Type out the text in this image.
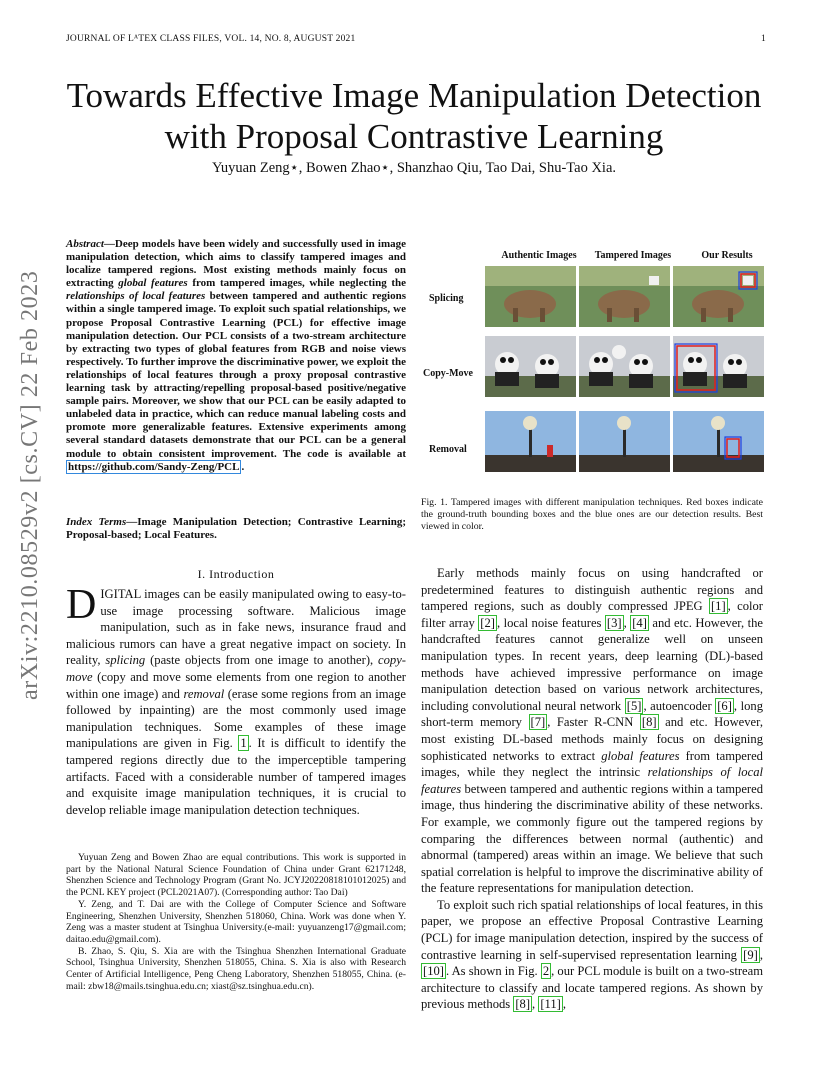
JOURNAL OF LᴬTEX CLASS FILES, VOL. 14, NO. 8, AUGUST 2021	1
Towards Effective Image Manipulation Detection
with Proposal Contrastive Learning
Yuyuan Zeng⋆, Bowen Zhao⋆, Shanzhao Qiu, Tao Dai, Shu-Tao Xia.
arXiv:2210.08529v2 [cs.CV] 22 Feb 2023
Abstract—Deep models have been widely and successfully used in image manipulation detection, which aims to classify tampered images and localize tampered regions. Most existing methods mainly focus on extracting global features from tampered images, while neglecting the relationships of local features between tampered and authentic regions within a single tampered image. To exploit such spatial relationships, we propose Proposal Contrastive Learning (PCL) for effective image manipulation detection. Our PCL consists of a two-stream architecture by extracting two types of global features from RGB and noise views respectively. To further improve the discriminative power, we exploit the relationships of local features through a proxy proposal contrastive learning task by attracting/repelling proposal-based positive/negative sample pairs. Moreover, we show that our PCL can be easily adapted to unlabeled data in practice, which can reduce manual labeling costs and promote more generalizable features. Extensive experiments among several standard datasets demonstrate that our PCL can be a general module to obtain consistent improvement. The code is available at https://github.com/Sandy-Zeng/PCL .
Index Terms—Image Manipulation Detection; Contrastive Learning; Proposal-based; Local Features.
I. Introduction
DIGITAL images can be easily manipulated owing to easy-to-use image processing software. Malicious image manipulation, such as in fake news, insurance fraud and malicious rumors can have a great negative impact on society. In reality, splicing (paste objects from one image to another), copy-move (copy and move some elements from one region to another within one image) and removal (erase some regions from an image followed by inpainting) are the most commonly used image manipulation techniques. Some examples of these image manipulations are given in Fig. 1 . It is difficult to identify the tampered regions directly due to the imperceptible tampering artifacts. Faced with a considerable number of tampered images and exquisite image manipulation techniques, it is crucial to develop reliable image manipulation detection techniques.

Yuyuan Zeng and Bowen Zhao are equal contributions. This work is supported in part by the National Natural Science Foundation of China under Grant 62171248, Shenzhen Science and Technology Program (Grant No. JCYJ20220818101012025) and the PCNL KEY project (PCL2021A07). (Corresponding author: Tao Dai)

Y. Zeng, and T. Dai are with the College of Computer Science and Software Engineering, Shenzhen University, Shenzhen 518060, China. Work was done when Y. Zeng was a master student at Tsinghua University.(e-mail: yuyuanzeng17@gmail.com; daitao.edu@gmail.com).

B. Zhao, S. Qiu, S. Xia are with the Tsinghua Shenzhen International Graduate School, Tsinghua University, Shenzhen 518055, China. S. Xia is also with Research Center of Artificial Intelligence, Peng Cheng Laboratory, Shenzhen 518055, China. (e-mail: zbw18@mails.tsinghua.edu.cn; xiast@sz.tsinghua.edu.cn).

Authentic Images	Tampered Images	Our Results
Splicing
Copy-Move
Removal
Fig. 1. Tampered images with different manipulation techniques. Red boxes indicate the ground-truth bounding boxes and the blue ones are our detection results. Best viewed in color.

Early methods mainly focus on using handcrafted or predetermined features to distinguish authentic regions and tampered regions, such as doubly compressed JPEG [1] , color filter array [2] , local noise features [3] , [4] and etc. However, the handcrafted features cannot generalize well on unseen manipulation types. In recent years, deep learning (DL)-based methods have achieved impressive performance on image manipulation detection based on various network architectures, including convolutional neural network [5] , autoencoder [6] , long short-term memory [7] , Faster R-CNN [8] and etc. However, most existing DL-based methods mainly focus on designing sophisticated networks to extract global features from tampered images, while they neglect the intrinsic relationships of local features between tampered and authentic regions within a tampered image, thus hindering the discriminative ability of these networks. For example, we commonly figure out the tampered regions by comparing the differences between normal (authentic) and abnormal (tampered) areas within an image. We believe that such spatial correlation is helpful to improve the discriminative ability of the feature representations for manipulation detection.

To exploit such rich spatial relationships of local features, in this paper, we propose an effective Proposal Contrastive Learning (PCL) for image manipulation detection, inspired by the success of contrastive learning in self-supervised representation learning [9] , [10] . As shown in Fig. 2 , our PCL module is built on a two-stream architecture to classify and locate tampered regions. As shown by previous methods [8] , [11] ,
